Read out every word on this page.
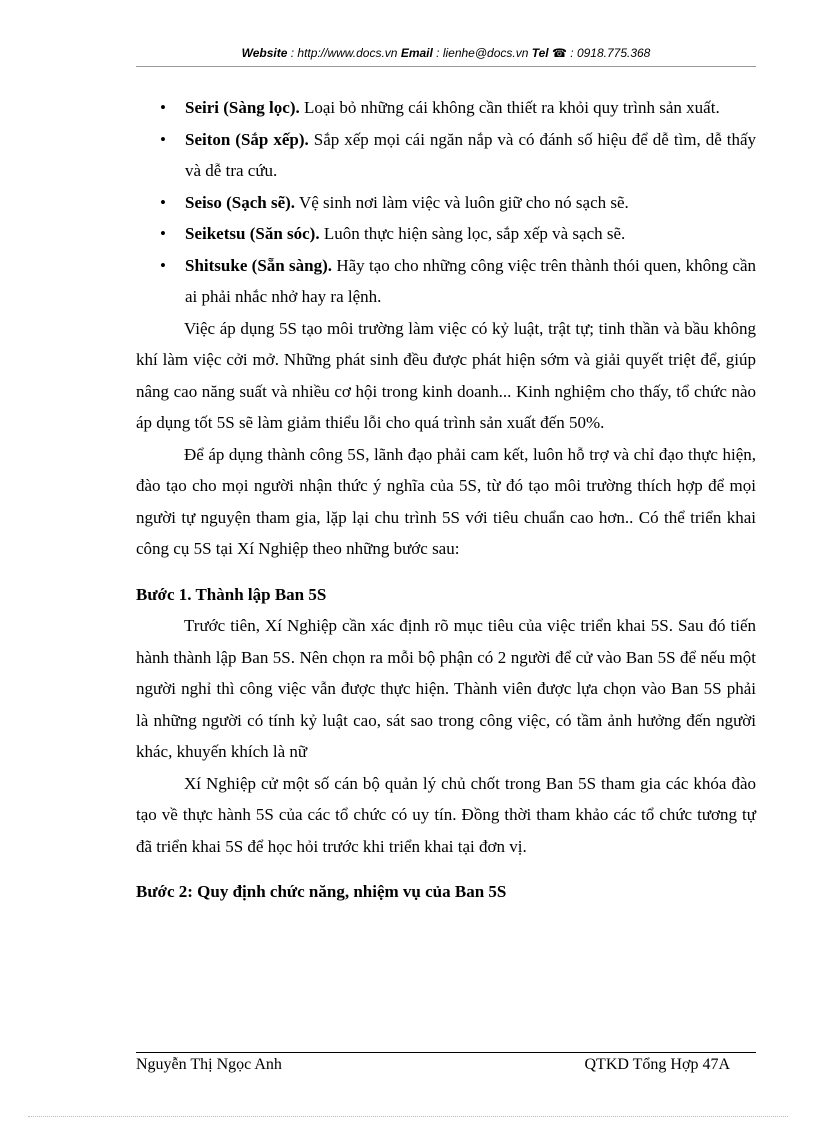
Website : http://www.docs.vn Email : lienhe@docs.vn Tel ☎ : 0918.775.368
• Seiri (Sàng lọc). Loại bỏ những cái không cần thiết ra khỏi quy trình sản xuất.
• Seiton (Sắp xếp). Sắp xếp mọi cái ngăn nắp và có đánh số hiệu để dễ tìm, dễ thấy và dễ tra cứu.
• Seiso (Sạch sẽ). Vệ sinh nơi làm việc và luôn giữ cho nó sạch sẽ.
• Seiketsu (Săn sóc). Luôn thực hiện sàng lọc, sắp xếp và sạch sẽ.
• Shitsuke (Sẵn sàng). Hãy tạo cho những công việc trên thành thói quen, không cần ai phải nhắc nhở hay ra lệnh.

Việc áp dụng 5S tạo môi trường làm việc có kỷ luật, trật tự; tinh thần và bầu không khí làm việc cởi mở. Những phát sinh đều được phát hiện sớm và giải quyết triệt để, giúp nâng cao năng suất và nhiều cơ hội trong kinh doanh... Kinh nghiệm cho thấy, tổ chức nào áp dụng tốt 5S sẽ làm giảm thiểu lỗi cho quá trình sản xuất đến 50%.

Để áp dụng thành công 5S, lãnh đạo phải cam kết, luôn hỗ trợ và chỉ đạo thực hiện, đào tạo cho mọi người nhận thức ý nghĩa của 5S, từ đó tạo môi trường thích hợp để mọi người tự nguyện tham gia, lặp lại chu trình 5S với tiêu chuẩn cao hơn.. Có thể triển khai công cụ 5S tại Xí Nghiệp theo những bước sau:

Bước 1. Thành lập Ban 5S

Trước tiên, Xí Nghiệp cần xác định rõ mục tiêu của việc triển khai 5S. Sau đó tiến hành thành lập Ban 5S. Nên chọn ra mỗi bộ phận có 2 người để cử vào Ban 5S để nếu một người nghỉ thì công việc vẫn được thực hiện. Thành viên được lựa chọn vào Ban 5S phải là những người có tính kỷ luật cao, sát sao trong công việc, có tầm ảnh hưởng đến người khác, khuyến khích là nữ

Xí Nghiệp cử một số cán bộ quản lý chủ chốt trong Ban 5S tham gia các khóa đào tạo về thực hành 5S của các tổ chức có uy tín. Đồng thời tham khảo các tổ chức tương tự đã triển khai 5S để học hỏi trước khi triển khai tại đơn vị.

Bước 2: Quy định chức năng, nhiệm vụ của Ban 5S

Nguyễn Thị Ngọc Anh	QTKD Tổng Hợp 47A
